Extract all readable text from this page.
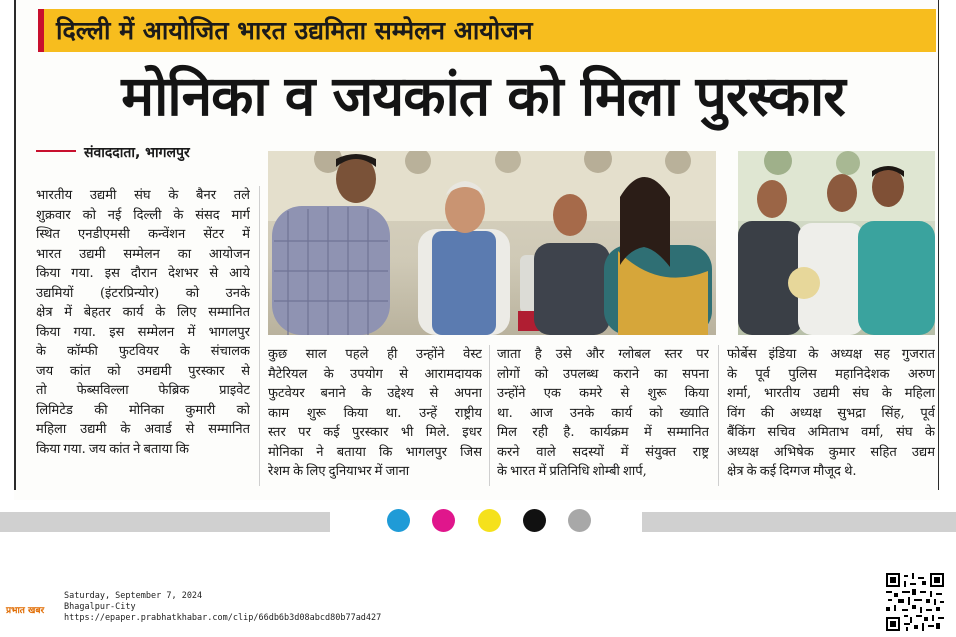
दिल्ली में आयोजित भारत उद्यमिता सम्मेलन आयोजन
मोनिका व जयकांत को मिला पुरस्कार
संवाददाता, भागलपुर
भारतीय उद्यमी संघ के बैनर तले
शुक्रवार को नई दिल्ली के संसद मार्ग
स्थित एनडीएमसी कन्वेंशन सेंटर में
भारत उद्यमी सम्मेलन का आयोजन
किया गया. इस दौरान देशभर से आये
उद्यमियों (इंटरप्रिन्योर) को उनके
क्षेत्र में बेहतर कार्य के लिए सम्मानित
किया गया. इस सम्मेलन में भागलपुर
के कॉम्फी फुटवियर के संचालक
जय कांत को उमद्यमी पुरस्कार से
तो फेब्सविल्ला फेब्रिक प्राइवेट
लिमिटेड की मोनिका कुमारी को
महिला उद्यमी के अवार्ड से सम्मानित
किया गया. जय कांत ने बताया कि
कुछ साल पहले ही उन्होंने वेस्ट
मैटेरियल के उपयोग से आरामदायक
फुटवेयर बनाने के उद्देश्य से अपना
काम शुरू किया था. उन्हें राष्ट्रीय
स्तर पर कई पुरस्कार भी मिले. इधर
मोनिका ने बताया कि भागलपुर जिस
रेशम के लिए दुनियाभर में जाना
जाता है उसे और ग्लोबल स्तर पर
लोगों को उपलब्ध कराने का सपना
उन्होंने एक कमरे से शुरू किया
था. आज उनके कार्य को ख्याति
मिल रही है. कार्यक्रम में सम्मानित
करने वाले सदस्यों में संयुक्त राष्ट्र
के भारत में प्रतिनिधि शोम्बी शार्प,
फोर्बेस इंडिया के अध्यक्ष सह गुजरात
के पूर्व पुलिस महानिदेशक अरुण
शर्मा, भारतीय उद्यमी संघ के महिला
विंग की अध्यक्ष सुभद्रा सिंह, पूर्व
बैंकिंग सचिव अमिताभ वर्मा, संघ के
अध्यक्ष अभिषेक कुमार सहित उद्यम
क्षेत्र के कई दिग्गज मौजूद थे.
प्रभात खबर
Saturday, September 7, 2024
Bhagalpur-City
https://epaper.prabhatkhabar.com/clip/66db6b3d08abcd80b77ad427
